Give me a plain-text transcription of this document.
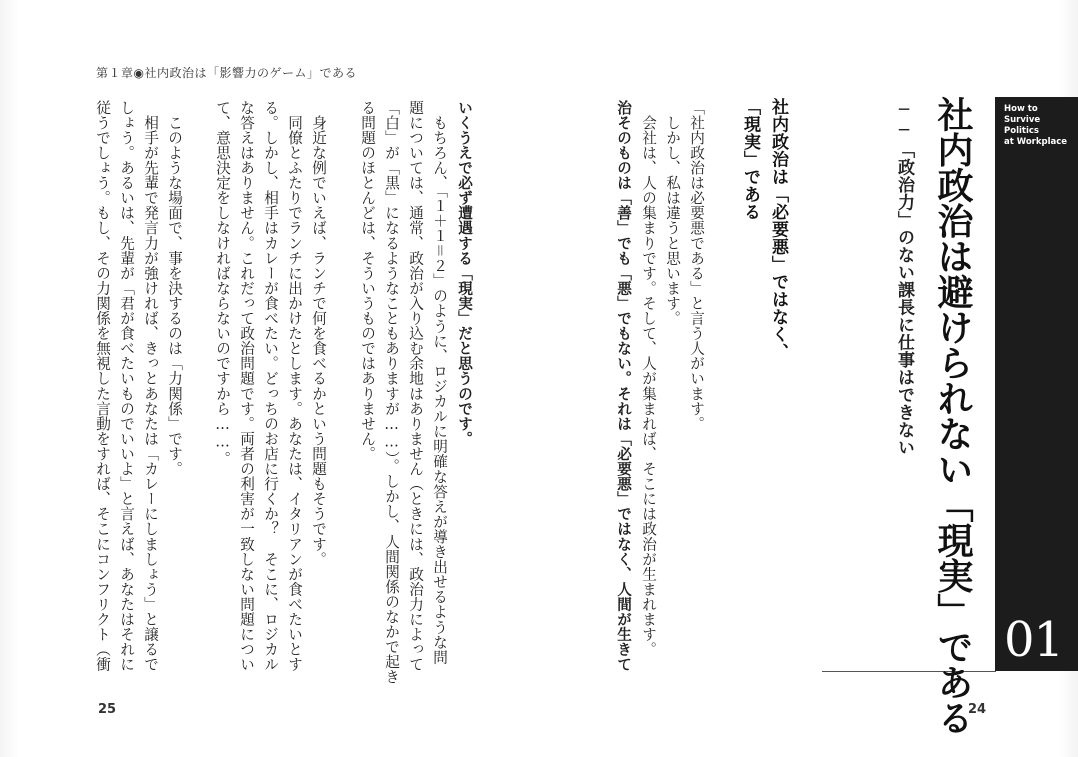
第１章◉社内政治は「影響力のゲーム」である
How to
Survive Politics
at Workplace
01
社内政治は避けられない「現実」である
──「政治力」のない課長に仕事はできない
社内政治は「必要悪」ではなく、
「現実」である
「社内政治は必要悪である」と言う人がいます。
　しかし、私は違うと思います。
　会社は、人の集まりです。そして、人が集まれば、そこには政治が生まれます。
治そのものは「善」でも「悪」でもない。それは「必要悪」ではなく、人間が生きて
いくうえで必ず遭遇する「現実」だと思うのです。
　もちろん、「１＋１＝２」のように、ロジカルに明確な答えが導き出せるような問
題については、通常、政治が入り込む余地はありません（ときには、政治力によって
「白」が「黒」になるようなこともありますが……）。しかし、人間関係のなかで起き
る問題のほとんどは、そういうものではありません。
　身近な例でいえば、ランチで何を食べるかという問題もそうです。
　同僚とふたりでランチに出かけたとします。あなたは、イタリアンが食べたいとす
る。しかし、相手はカレーが食べたい。どっちのお店に行くか？　そこに、ロジカル
な答えはありません。これだって政治問題です。両者の利害が一致しない問題につい
て、意思決定をしなければならないのですから……。
　このような場面で、事を決するのは「力関係」です。
　相手が先輩で発言力が強ければ、きっとあなたは「カレーにしましょう」と譲るで
しょう。あるいは、先輩が「君が食べたいものでいいよ」と言えば、あなたはそれに
従うでしょう。もし、その力関係を無視した言動をすれば、そこにコンフリクト（衝
25	24
